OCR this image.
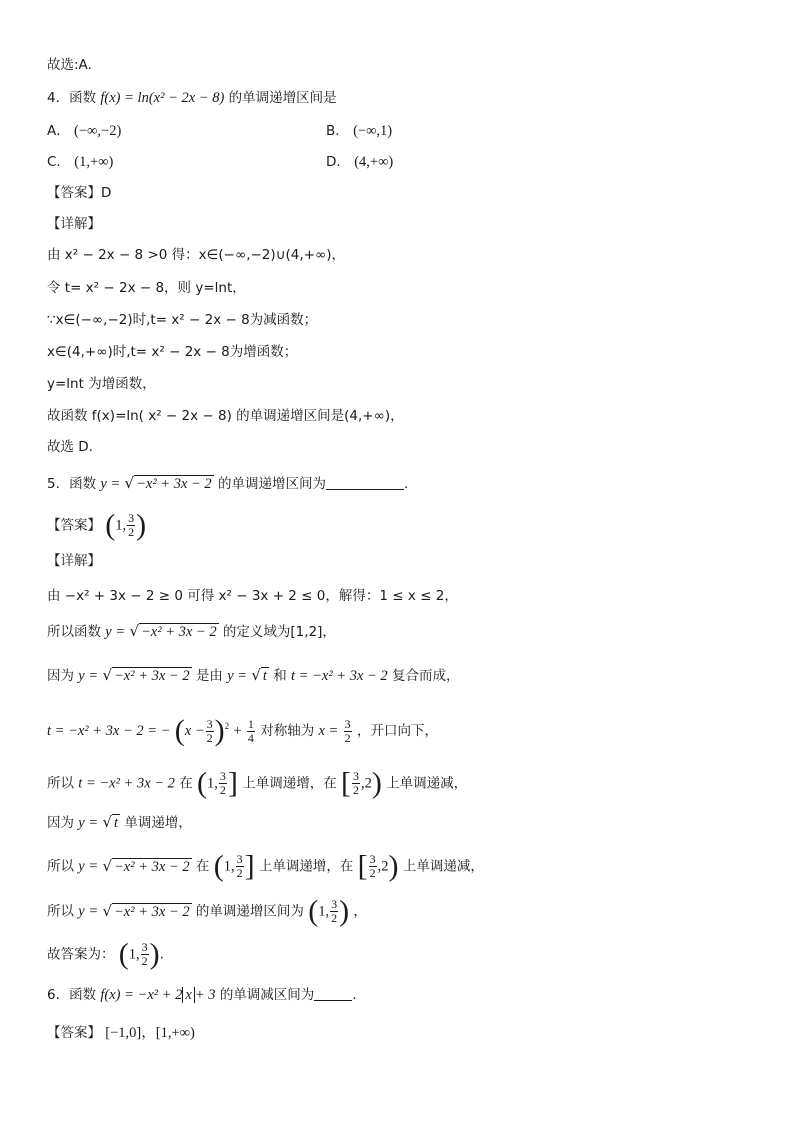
故选:A.
4．函数 f(x) = ln(x² − 2x − 8) 的单调递增区间是
A． (−∞,−2)	B． (−∞,1)
C． (1,+∞)	D． (4,+∞)
【答案】D
【详解】
由 x² − 2x − 8 >0 得：x∈(−∞,−2)∪(4,+∞)，
令 t= x² − 2x − 8，则 y=lnt，
∵x∈(−∞,−2)时,t= x² − 2x − 8为减函数；
x∈(4,+∞)时,t= x² − 2x − 8为增函数；
y=lnt 为增函数，
故函数 f(x)=ln( x² − 2x − 8) 的单调递增区间是(4,+∞)，
故选 D.
5．函数 y = √ −x² + 3x − 2 的单调递增区间为	.
【答案】 (1, $\frac{3}{2}$ )
【详解】
由 −x² + 3x − 2 ≥ 0 可得 x² − 3x + 2 ≤ 0，解得：1 ≤ x ≤ 2，
所以函数 y = √ −x² + 3x − 2 的定义域为[1,2]，
因为 y = √ −x² + 3x − 2 是由 y = √ t 和 t = −x² + 3x − 2 复合而成，
t = −x² + 3x − 2 = − $(x - \frac{3}{2} )^2 + \frac{1}{4}$ 对称轴为 $x = \frac{3}{2}$ ，开口向下，
所以 t = −x² + 3x − 2 在 (1, $\frac{3}{2}$ ] 上单调递增，在 [ $\frac{3}{2} ,2$) 上单调递减，
因为 y = √ t 单调递增，
所以 y = √ −x² + 3x − 2 在 (1, $\frac{3}{2}$ ] 上单调递增，在 [ $\frac{3}{2} ,2$) 上单调递减，
所以 y = √ −x² + 3x − 2 的单调递增区间为 (1, $\frac{3}{2}$ ) ，
故答案为： (1, $\frac{3}{2}$ ).
6．函数 f(x) = −x² + 2 x + 3 的单调减区间为	.
【答案】 [−1,0]，[1,+∞)
